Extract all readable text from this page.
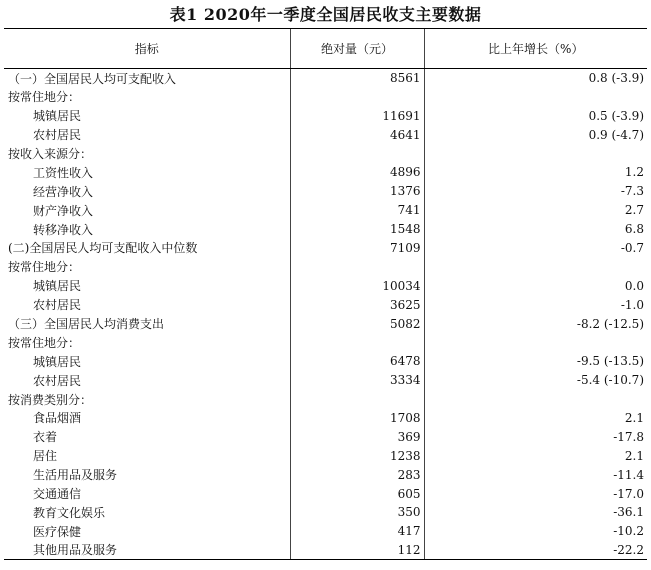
表1 2020年一季度全国居民收支主要数据
指标	绝对量（元）	比上年增长（%）
（一）全国居民人均可支配收入	8561	0.8 (-3.9)
按常住地分：		
城镇居民	11691	0.5 (-3.9)
农村居民	4641	0.9 (-4.7)
按收入来源分：		
工资性收入	4896	1.2
经营净收入	1376	-7.3
财产净收入	741	2.7
转移净收入	1548	6.8
(二)全国居民人均可支配收入中位数	7109	-0.7
按常住地分：		
城镇居民	10034	0.0
农村居民	3625	-1.0
（三）全国居民人均消费支出	5082	-8.2 (-12.5)
按常住地分：		
城镇居民	6478	-9.5 (-13.5)
农村居民	3334	-5.4 (-10.7)
按消费类别分：		
食品烟酒	1708	2.1
衣着	369	-17.8
居住	1238	2.1
生活用品及服务	283	-11.4
交通通信	605	-17.0
教育文化娱乐	350	-36.1
医疗保健	417	-10.2
其他用品及服务	112	-22.2
